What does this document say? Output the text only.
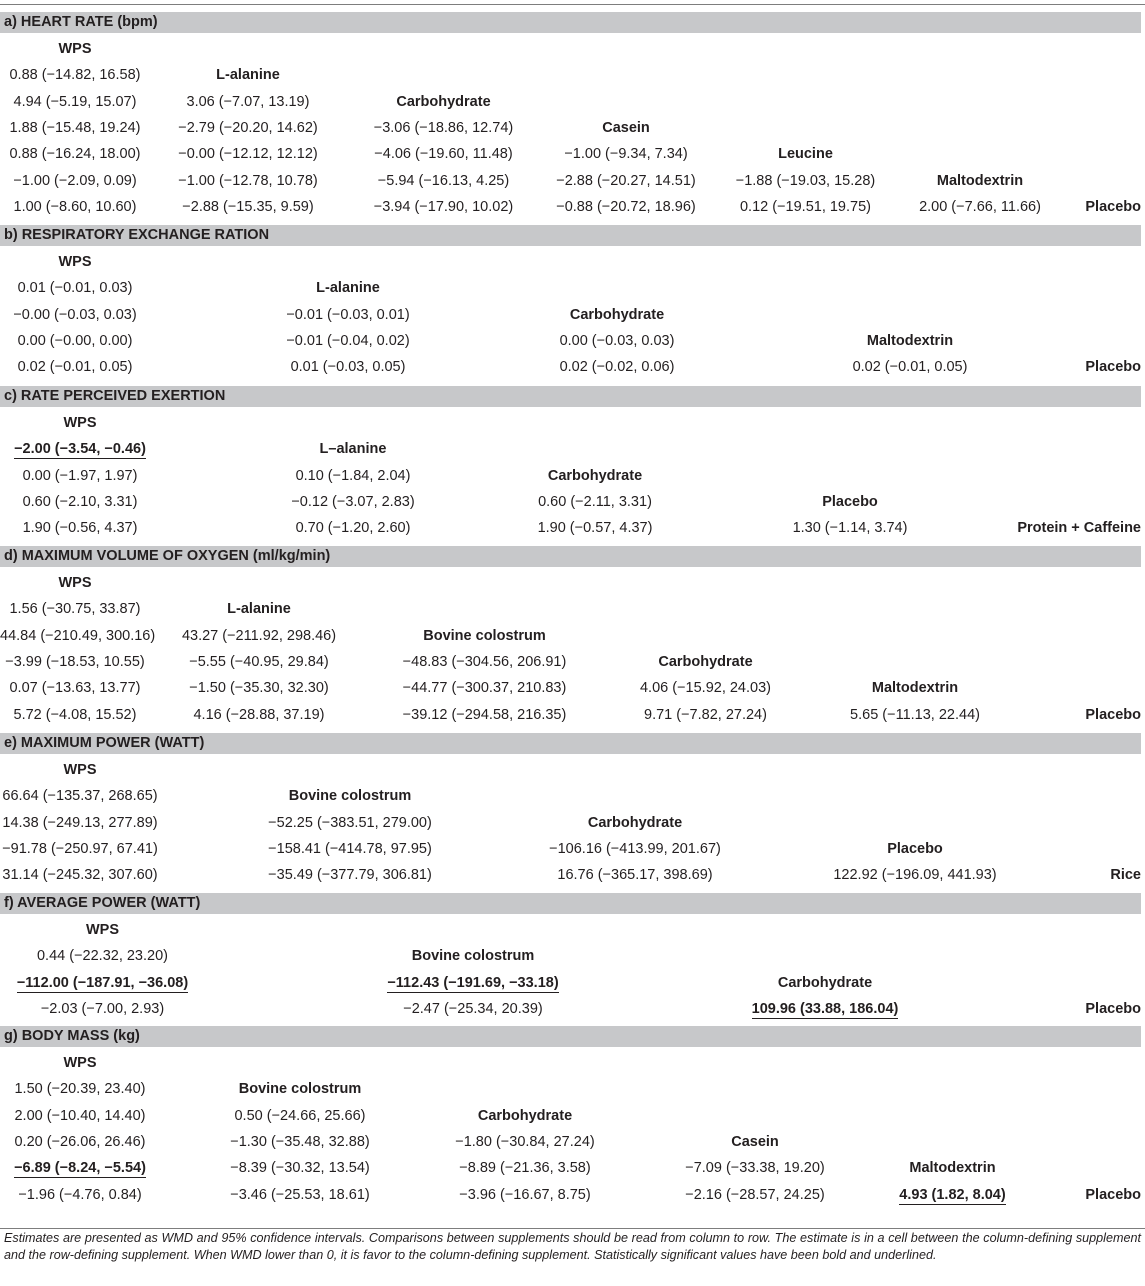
a) HEART RATE (bpm)
WPS
0.88 (−14.82, 16.58)	L-alanine
4.94 (−5.19, 15.07)	3.06 (−7.07, 13.19)	Carbohydrate
1.88 (−15.48, 19.24)	−2.79 (−20.20, 14.62)	−3.06 (−18.86, 12.74)	Casein
0.88 (−16.24, 18.00)	−0.00 (−12.12, 12.12)	−4.06 (−19.60, 11.48)	−1.00 (−9.34, 7.34)	Leucine
−1.00 (−2.09, 0.09)	−1.00 (−12.78, 10.78)	−5.94 (−16.13, 4.25)	−2.88 (−20.27, 14.51)	−1.88 (−19.03, 15.28)	Maltodextrin
1.00 (−8.60, 10.60)	−2.88 (−15.35, 9.59)	−3.94 (−17.90, 10.02)	−0.88 (−20.72, 18.96)	0.12 (−19.51, 19.75)	2.00 (−7.66, 11.66)	Placebo
b) RESPIRATORY EXCHANGE RATION
WPS
0.01 (−0.01, 0.03)	L-alanine
−0.00 (−0.03, 0.03)	−0.01 (−0.03, 0.01)	Carbohydrate
0.00 (−0.00, 0.00)	−0.01 (−0.04, 0.02)	0.00 (−0.03, 0.03)	Maltodextrin
0.02 (−0.01, 0.05)	0.01 (−0.03, 0.05)	0.02 (−0.02, 0.06)	0.02 (−0.01, 0.05)	Placebo
c) RATE PERCEIVED EXERTION
WPS
−2.00 (−3.54, −0.46)	L–alanine
0.00 (−1.97, 1.97)	0.10 (−1.84, 2.04)	Carbohydrate
0.60 (−2.10, 3.31)	−0.12 (−3.07, 2.83)	0.60 (−2.11, 3.31)	Placebo
1.90 (−0.56, 4.37)	0.70 (−1.20, 2.60)	1.90 (−0.57, 4.37)	1.30 (−1.14, 3.74)	Protein + Caffeine
d) MAXIMUM VOLUME OF OXYGEN (ml/kg/min)
WPS
1.56 (−30.75, 33.87)	L-alanine
44.84 (−210.49, 300.16)	43.27 (−211.92, 298.46)	Bovine colostrum
−3.99 (−18.53, 10.55)	−5.55 (−40.95, 29.84)	−48.83 (−304.56, 206.91)	Carbohydrate
0.07 (−13.63, 13.77)	−1.50 (−35.30, 32.30)	−44.77 (−300.37, 210.83)	4.06 (−15.92, 24.03)	Maltodextrin
5.72 (−4.08, 15.52)	4.16 (−28.88, 37.19)	−39.12 (−294.58, 216.35)	9.71 (−7.82, 27.24)	5.65 (−11.13, 22.44)	Placebo
e) MAXIMUM POWER (WATT)
WPS
66.64 (−135.37, 268.65)	Bovine colostrum
14.38 (−249.13, 277.89)	−52.25 (−383.51, 279.00)	Carbohydrate
−91.78 (−250.97, 67.41)	−158.41 (−414.78, 97.95)	−106.16 (−413.99, 201.67)	Placebo
31.14 (−245.32, 307.60)	−35.49 (−377.79, 306.81)	16.76 (−365.17, 398.69)	122.92 (−196.09, 441.93)	Rice
f) AVERAGE POWER (WATT)
WPS
0.44 (−22.32, 23.20)	Bovine colostrum
−112.00 (−187.91, −36.08)	−112.43 (−191.69, −33.18)	Carbohydrate
−2.03 (−7.00, 2.93)	−2.47 (−25.34, 20.39)	109.96 (33.88, 186.04)	Placebo
g) BODY MASS (kg)
WPS
1.50 (−20.39, 23.40)	Bovine colostrum
2.00 (−10.40, 14.40)	0.50 (−24.66, 25.66)	Carbohydrate
0.20 (−26.06, 26.46)	−1.30 (−35.48, 32.88)	−1.80 (−30.84, 27.24)	Casein
−6.89 (−8.24, −5.54)	−8.39 (−30.32, 13.54)	−8.89 (−21.36, 3.58)	−7.09 (−33.38, 19.20)	Maltodextrin
−1.96 (−4.76, 0.84)	−3.46 (−25.53, 18.61)	−3.96 (−16.67, 8.75)	−2.16 (−28.57, 24.25)	4.93 (1.82, 8.04)	Placebo
Estimates are presented as WMD and 95% confidence intervals. Comparisons between supplements should be read from column to row. The estimate is in a cell between the column-defining supplement and the row-defining supplement. When WMD lower than 0, it is favor to the column-defining supplement. Statistically significant values have been bold and underlined.
